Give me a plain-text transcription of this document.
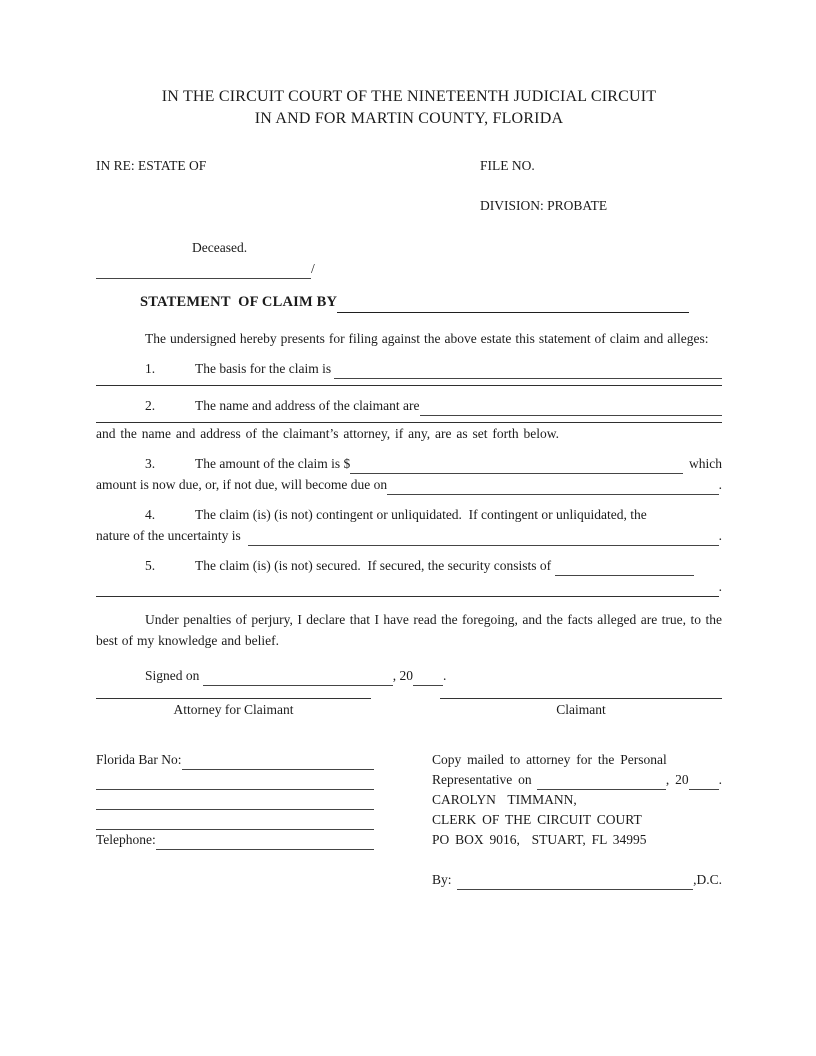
IN THE CIRCUIT COURT OF THE NINETEENTH JUDICIAL CIRCUIT
IN AND FOR MARTIN COUNTY, FLORIDA
IN RE: ESTATE OF	FILE NO.
DIVISION: PROBATE
Deceased.
/
STATEMENT  OF CLAIM BY

The undersigned hereby presents for filing against the above estate this statement of claim and alleges:

1.	The basis for the claim is
2.	The name and address of the claimant are
and the name and address of the claimant’s attorney, if any, are as set forth below.
3.	The amount of the claim is $	which
amount is now due, or, if not due, will become due on	.
4.	The claim (is) (is not) contingent or unliquidated.  If contingent or unliquidated, the
nature of the uncertainty is	.
5.	The claim (is) (is not) secured.  If secured, the security consists of
.

Under penalties of perjury, I declare that I have read the foregoing, and the facts alleged are true, to the best of my knowledge and belief.

Signed on	, 20 .
Attorney for Claimant	Claimant
Florida Bar No:
Telephone:
Copy mailed to attorney for the Personal
Representative on	, 20 .
CAROLYN  TIMMANN,
CLERK OF THE CIRCUIT COURT
PO BOX 9016,  STUART, FL 34995
By:	,D.C.
